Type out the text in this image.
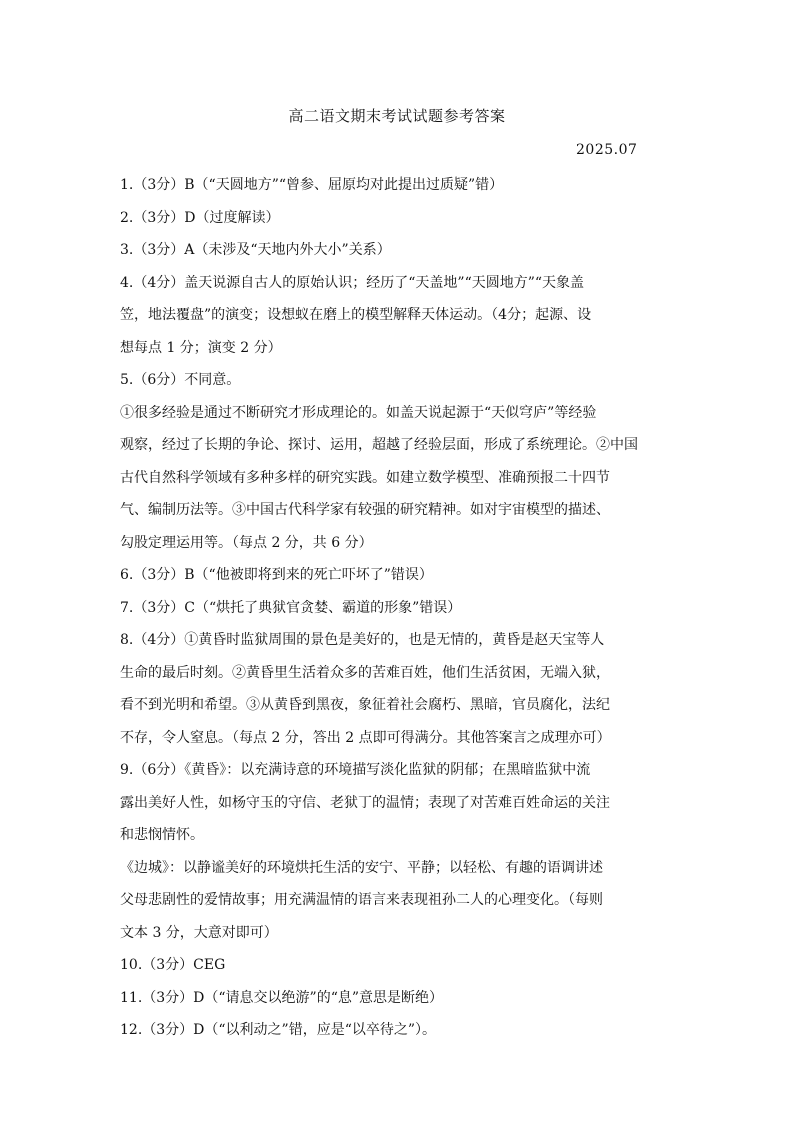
高二语文期末考试试题参考答案
2025.07
1.（3分）B（“天圆地方”“曾参、屈原均对此提出过质疑”错）
2.（3分）D（过度解读）
3.（3分）A（未涉及“天地内外大小”关系）
4.（4分）盖天说源自古人的原始认识；经历了“天盖地”“天圆地方”“天象盖
笠，地法覆盘”的演变；设想蚁在磨上的模型解释天体运动。（4分；起源、设
想每点 1 分；演变 2 分）
5.（6分）不同意。
①很多经验是通过不断研究才形成理论的。如盖天说起源于“天似穹庐”等经验
观察，经过了长期的争论、探讨、运用，超越了经验层面，形成了系统理论。②中国
古代自然科学领域有多种多样的研究实践。如建立数学模型、准确预报二十四节
气、编制历法等。③中国古代科学家有较强的研究精神。如对宇宙模型的描述、
勾股定理运用等。（每点 2 分，共 6 分）
6.（3分）B（“他被即将到来的死亡吓坏了”错误）
7.（3分）C（“烘托了典狱官贪婪、霸道的形象”错误）
8.（4分）①黄昏时监狱周围的景色是美好的，也是无情的，黄昏是赵天宝等人
生命的最后时刻。②黄昏里生活着众多的苦难百姓，他们生活贫困，无端入狱，
看不到光明和希望。③从黄昏到黑夜，象征着社会腐朽、黑暗，官员腐化，法纪
不存，令人窒息。（每点 2 分，答出 2 点即可得满分。其他答案言之成理亦可）
9.（6分）《黄昏》：以充满诗意的环境描写淡化监狱的阴郁；在黑暗监狱中流
露出美好人性，如杨守玉的守信、老狱丁的温情；表现了对苦难百姓命运的关注
和悲悯情怀。
《边城》：以静谧美好的环境烘托生活的安宁、平静；以轻松、有趣的语调讲述
父母悲剧性的爱情故事；用充满温情的语言来表现祖孙二人的心理变化。（每则
文本 3 分，大意对即可）
10.（3分）CEG
11.（3分）D（“请息交以绝游”的“息”意思是断绝）
12.（3分）D（“以利动之”错，应是“以卒待之”）。
